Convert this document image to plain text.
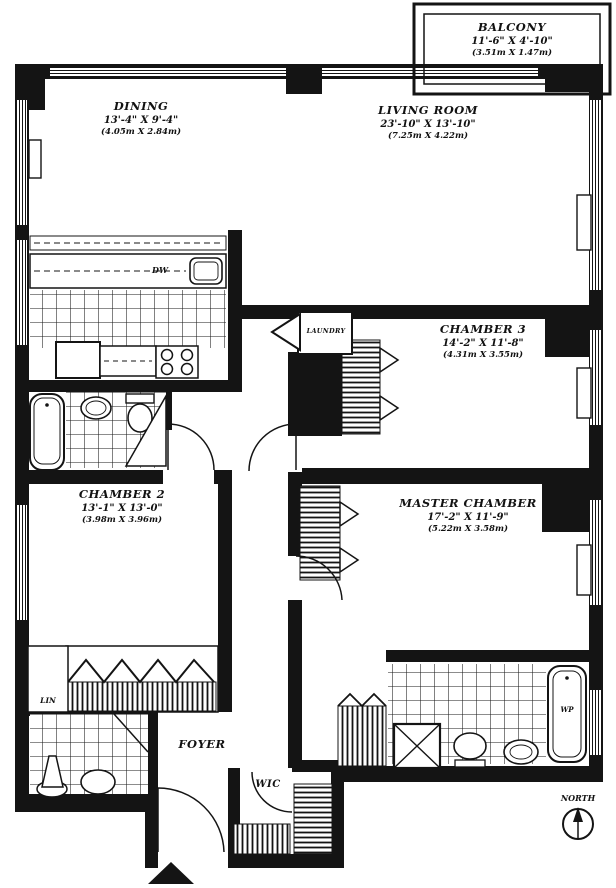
BALCONY
11'-6" X 4'-10"
(3.51m X 1.47m)
DINING
13'-4" X 9'-4"
(4.05m X 2.84m)
LIVING ROOM
23'-10" X 13'-10"
(7.25m X 4.22m)
CHAMBER 3
14'-2" X 11'-8"
(4.31m X 3.55m)
CHAMBER 2
13'-1" X 13'-0"
(3.98m X 3.96m)
MASTER CHAMBER
17'-2" X 11'-9"
(5.22m X 3.58m)
FOYER
WIC
LIN
LAUNDRY
DW
WP
NORTH
